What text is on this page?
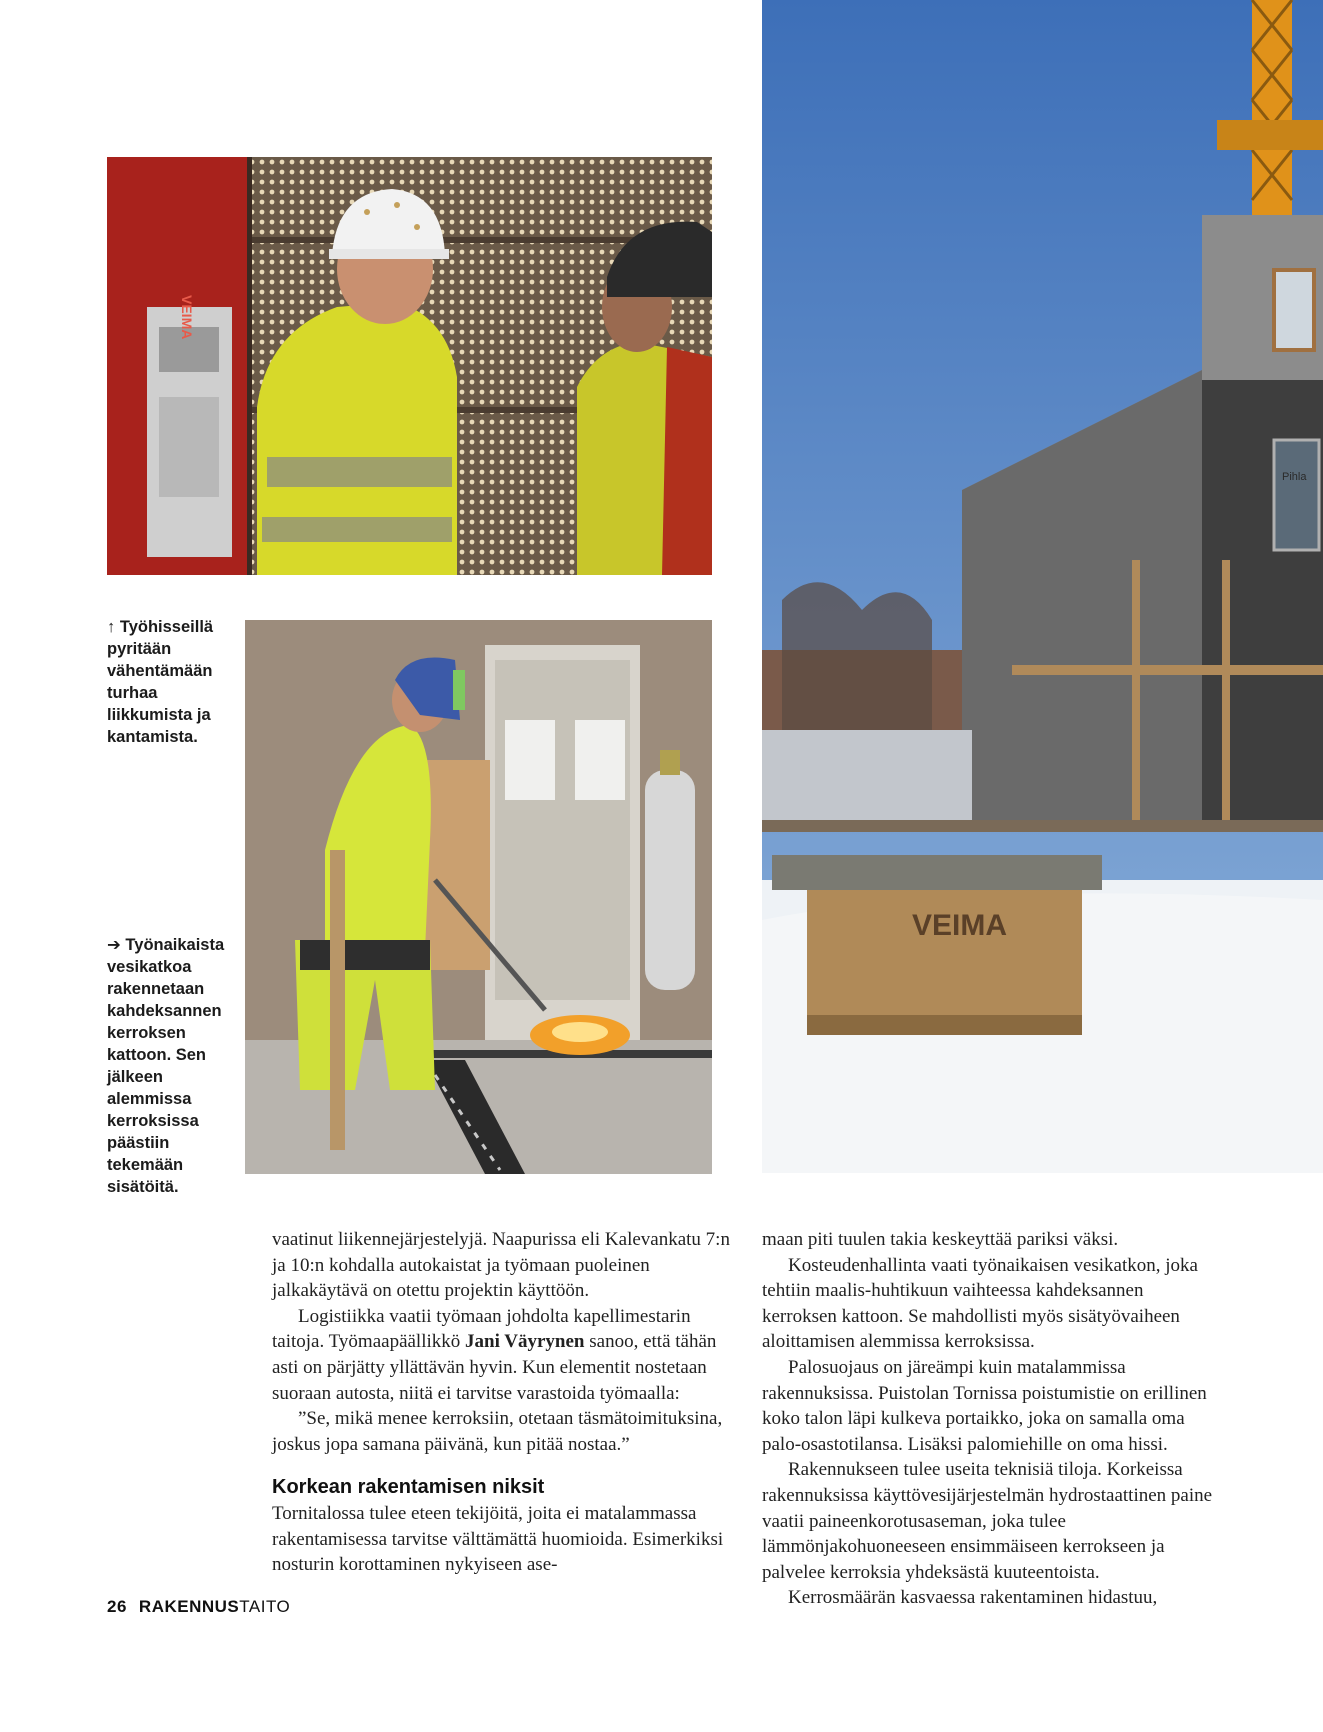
VEIMA

↑ Työhisseillä pyritään vähentämään turhaa liikkumista ja kantamista.

➔ Työnaikaista vesikatkoa rakennetaan kahdeksannen kerroksen kattoon. Sen jälkeen alemmissa kerroksissa päästiin tekemään sisätöitä.

Pihla
VEIMA

vaatinut liikennejärjestelyjä. Naapurissa eli Kalevankatu 7:n ja 10:n kohdalla autokaistat ja työmaan puoleinen jalkakäytävä on otettu projektin käyttöön.

Logistiikka vaatii työmaan johdolta kapellimestarin taitoja. Työmaapäällikkö Jani Väyrynen sanoo, että tähän asti on pärjätty yllättävän hyvin. Kun elementit nostetaan suoraan autosta, niitä ei tarvitse varastoida työmaalla:

”Se, mikä menee kerroksiin, otetaan täsmätoimituksina, joskus jopa samana päivänä, kun pitää nostaa.”

Korkean rakentamisen niksit

Tornitalossa tulee eteen tekijöitä, joita ei matalammassa rakentamisessa tarvitse välttämättä huomioida. Esimerkiksi nosturin korottaminen nykyiseen ase-

maan piti tuulen takia keskeyttää pariksi väksi.

Kosteudenhallinta vaati työnaikaisen vesikatkon, joka tehtiin maalis-huhtikuun vaihteessa kahdeksannen kerroksen kattoon. Se mahdollisti myös sisätyövaiheen aloittamisen alemmissa kerroksissa.

Palosuojaus on järeämpi kuin matalammissa rakennuksissa. Puistolan Tornissa poistumistie on erillinen koko talon läpi kulkeva portaikko, joka on samalla oma palo-osastotilansa. Lisäksi palomiehille on oma hissi.

Rakennukseen tulee useita teknisiä tiloja. Korkeissa rakennuksissa käyttövesijärjestelmän hydrostaattinen paine vaatii paineenkorotusaseman, joka tulee lämmönjakohuoneeseen ensimmäiseen kerrokseen ja palvelee kerroksia yhdeksästä kuuteentoista.

Kerrosmäärän kasvaessa rakentaminen hidastuu,

26 RAKENNUSTAITO
